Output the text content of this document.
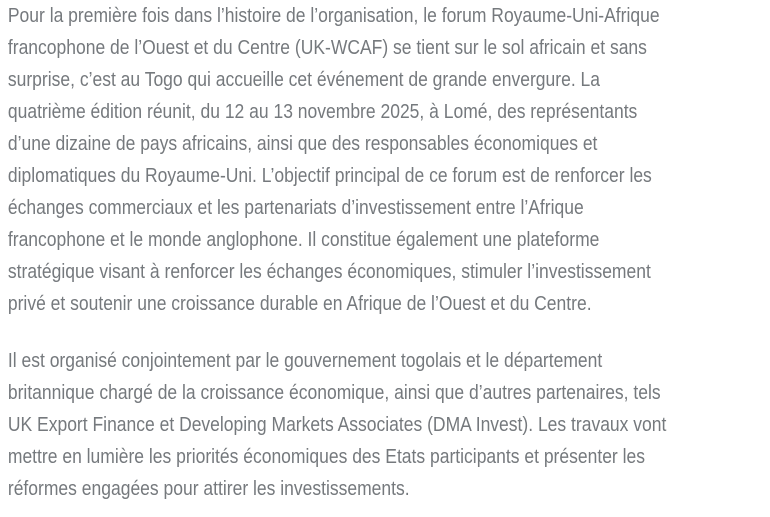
Pour la première fois dans l’histoire de l’organisation, le forum Royaume-Uni-Afrique
francophone de l’Ouest et du Centre (UK-WCAF) se tient sur le sol africain et sans
surprise, c’est au Togo qui accueille cet événement de grande envergure. La
quatrième édition réunit, du 12 au 13 novembre 2025, à Lomé, des représentants
d’une dizaine de pays africains, ainsi que des responsables économiques et
diplomatiques du Royaume-Uni. L’objectif principal de ce forum est de renforcer les
échanges commerciaux et les partenariats d’investissement entre l’Afrique
francophone et le monde anglophone. Il constitue également une plateforme
stratégique visant à renforcer les échanges économiques, stimuler l’investissement
privé et soutenir une croissance durable en Afrique de l’Ouest et du Centre.

Il est organisé conjointement par le gouvernement togolais et le département
britannique chargé de la croissance économique, ainsi que d’autres partenaires, tels
UK Export Finance et Developing Markets Associates (DMA Invest). Les travaux vont
mettre en lumière les priorités économiques des Etats participants et présenter les
réformes engagées pour attirer les investissements.
